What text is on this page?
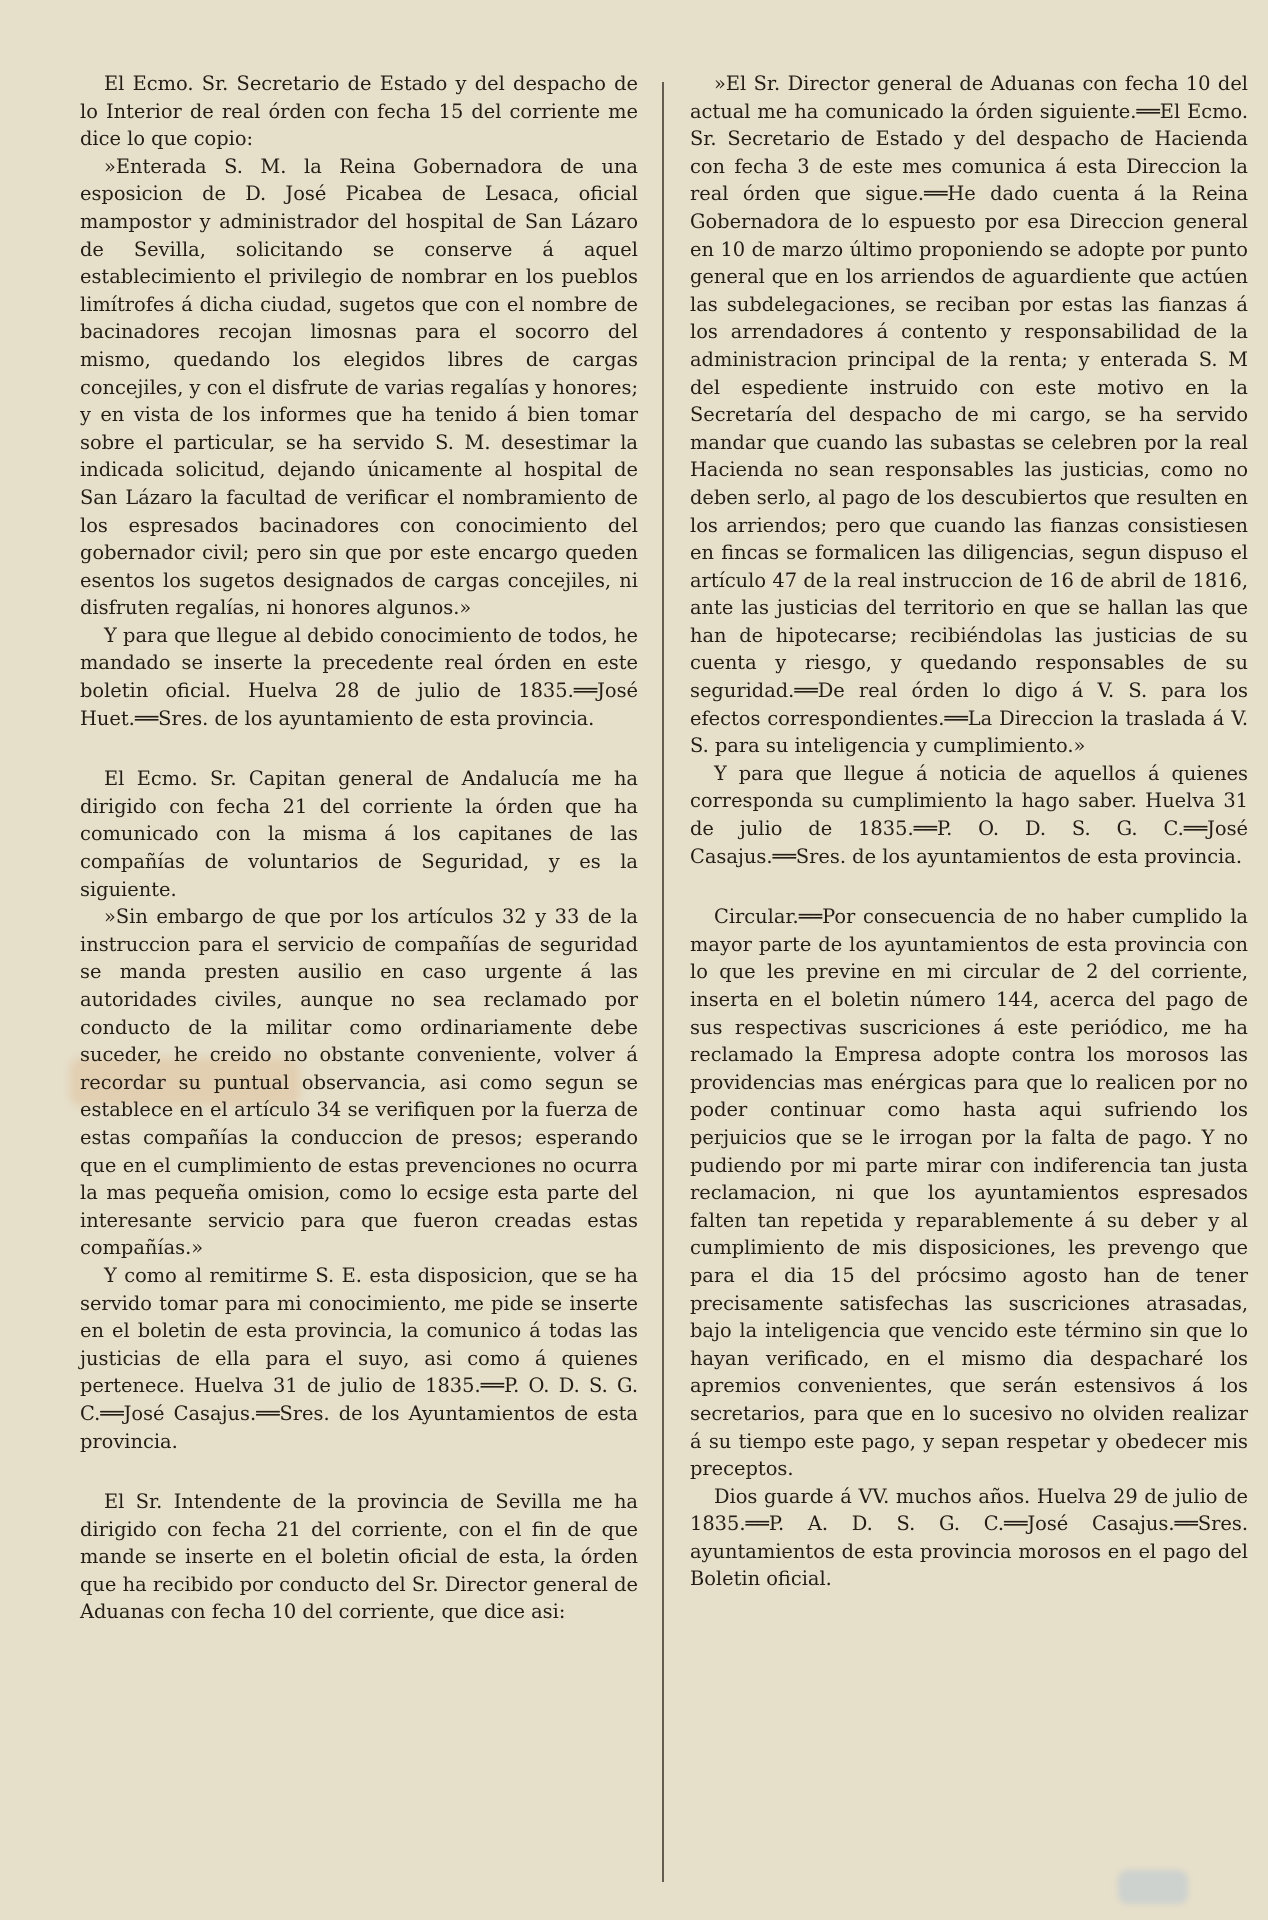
El Ecmo. Sr. Secretario de Estado y del despacho de lo Interior de real órden con fecha 15 del corriente me dice lo que copio:

»Enterada S. M. la Reina Gobernadora de una esposicion de D. José Picabea de Lesaca, oficial mampostor y administrador del hospital de San Lázaro de Sevilla, solicitando se conserve á aquel establecimiento el privilegio de nombrar en los pueblos limítrofes á dicha ciudad, sugetos que con el nombre de bacinadores recojan limosnas para el socorro del mismo, quedando los elegidos libres de cargas concejiles, y con el disfrute de varias regalías y honores; y en vista de los informes que ha tenido á bien tomar sobre el particular, se ha servido S. M. desestimar la indicada solicitud, dejando únicamente al hospital de San Lázaro la facultad de verificar el nombramiento de los espresados bacinadores con conocimiento del gobernador civil; pero sin que por este encargo queden esentos los sugetos designados de cargas concejiles, ni disfruten regalías, ni honores algunos.»

Y para que llegue al debido conocimiento de todos, he mandado se inserte la precedente real órden en este boletin oficial. Huelva 28 de julio de 1835.══José Huet.══Sres. de los ayuntamiento de esta provincia.

El Ecmo. Sr. Capitan general de Andalucía me ha dirigido con fecha 21 del corriente la órden que ha comunicado con la misma á los capitanes de las compañías de voluntarios de Seguridad, y es la siguiente.

»Sin embargo de que por los artículos 32 y 33 de la instruccion para el servicio de compañías de seguridad se manda presten ausilio en caso urgente á las autoridades civiles, aunque no sea reclamado por conducto de la militar como ordinariamente debe suceder, he creido no obstante conveniente, volver á recordar su puntual observancia, asi como segun se establece en el artículo 34 se verifiquen por la fuerza de estas compañías la conduccion de presos; esperando que en el cumplimiento de estas prevenciones no ocurra la mas pequeña omision, como lo ecsige esta parte del interesante servicio para que fueron creadas estas compañías.»

Y como al remitirme S. E. esta disposicion, que se ha servido tomar para mi conocimiento, me pide se inserte en el boletin de esta provincia, la comunico á todas las justicias de ella para el suyo, asi como á quienes pertenece. Huelva 31 de julio de 1835.══P. O. D. S. G. C.══José Casajus.══Sres. de los Ayuntamientos de esta provincia.

El Sr. Intendente de la provincia de Sevilla me ha dirigido con fecha 21 del corriente, con el fin de que mande se inserte en el boletin oficial de esta, la órden que ha recibido por conducto del Sr. Director general de Aduanas con fecha 10 del corriente, que dice asi:

»El Sr. Director general de Aduanas con fecha 10 del actual me ha comunicado la órden siguiente.══El Ecmo. Sr. Secretario de Estado y del despacho de Hacienda con fecha 3 de este mes comunica á esta Direccion la real órden que sigue.══He dado cuenta á la Reina Gobernadora de lo espuesto por esa Direccion general en 10 de marzo último proponiendo se adopte por punto general que en los arriendos de aguardiente que actúen las subdelegaciones, se reciban por estas las fianzas á los arrendadores á contento y responsabilidad de la administracion principal de la renta; y enterada S. M del espediente instruido con este motivo en la Secretaría del despacho de mi cargo, se ha servido mandar que cuando las subastas se celebren por la real Hacienda no sean responsables las justicias, como no deben serlo, al pago de los descubiertos que resulten en los arriendos; pero que cuando las fianzas consistiesen en fincas se formalicen las diligencias, segun dispuso el artículo 47 de la real instruccion de 16 de abril de 1816, ante las justicias del territorio en que se hallan las que han de hipotecarse; recibiéndolas las justicias de su cuenta y riesgo, y quedando responsables de su seguridad.══De real órden lo digo á V. S. para los efectos correspondientes.══La Direccion la traslada á V. S. para su inteligencia y cumplimiento.»

Y para que llegue á noticia de aquellos á quienes corresponda su cumplimiento la hago saber. Huelva 31 de julio de 1835.══P. O. D. S. G. C.══José Casajus.══Sres. de los ayuntamientos de esta provincia.

Circular.══Por consecuencia de no haber cumplido la mayor parte de los ayuntamientos de esta provincia con lo que les previne en mi circular de 2 del corriente, inserta en el boletin número 144, acerca del pago de sus respectivas suscriciones á este periódico, me ha reclamado la Empresa adopte contra los morosos las providencias mas enérgicas para que lo realicen por no poder continuar como hasta aqui sufriendo los perjuicios que se le irrogan por la falta de pago. Y no pudiendo por mi parte mirar con indiferencia tan justa reclamacion, ni que los ayuntamientos espresados falten tan repetida y reparablemente á su deber y al cumplimiento de mis disposiciones, les prevengo que para el dia 15 del prócsimo agosto han de tener precisamente satisfechas las suscriciones atrasadas, bajo la inteligencia que vencido este término sin que lo hayan verificado, en el mismo dia despacharé los apremios convenientes, que serán estensivos á los secretarios, para que en lo sucesivo no olviden realizar á su tiempo este pago, y sepan respetar y obedecer mis preceptos.

Dios guarde á VV. muchos años. Huelva 29 de julio de 1835.══P. A. D. S. G. C.══José Casajus.══Sres. ayuntamientos de esta provincia morosos en el pago del Boletin oficial.
